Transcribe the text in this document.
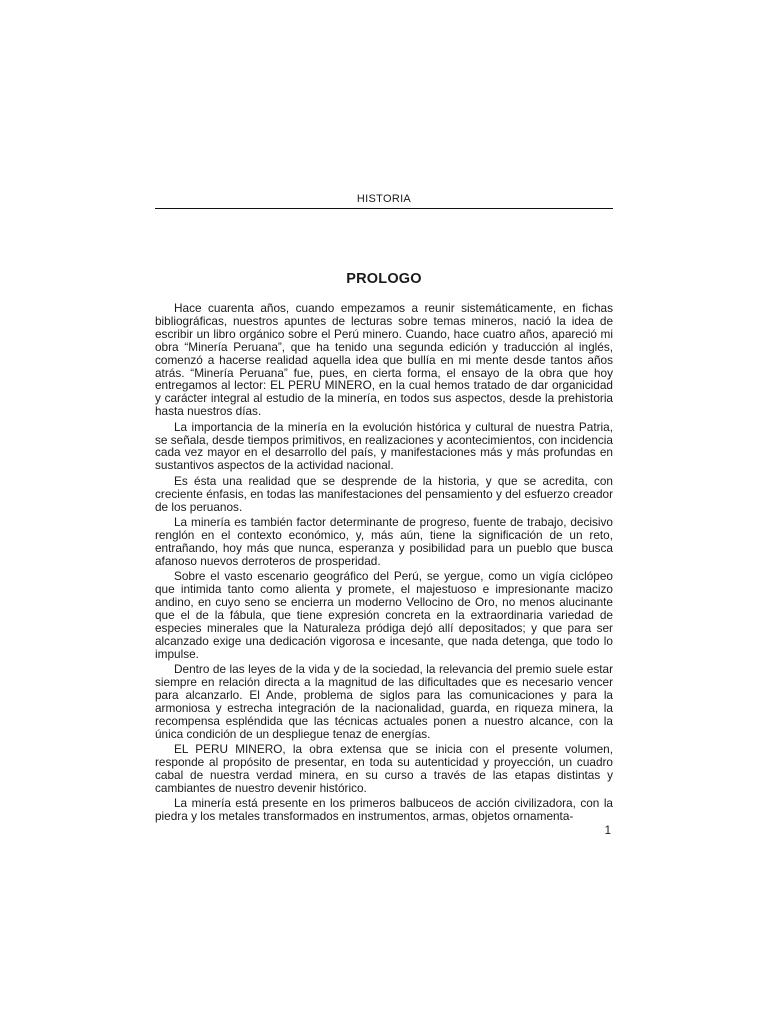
HISTORIA
PROLOGO

Hace cuarenta años, cuando empezamos a reunir sistemáticamente, en fichas bibliográficas, nuestros apuntes de lecturas sobre temas mineros, nació la idea de escribir un libro orgánico sobre el Perú minero. Cuando, hace cuatro años, apareció mi obra “Minería Peruana”, que ha tenido una segunda edición y traducción al inglés, comenzó a hacerse realidad aquella idea que bullía en mi mente desde tantos años atrás. “Minería Peruana” fue, pues, en cierta forma, el ensayo de la obra que hoy entregamos al lector: EL PERU MINERO, en la cual hemos tratado de dar organicidad y carácter integral al estudio de la minería, en todos sus aspectos, desde la prehistoria hasta nuestros días.

La importancia de la minería en la evolución histórica y cultural de nuestra Patria, se señala, desde tiempos primitivos, en realizaciones y acontecimientos, con incidencia cada vez mayor en el desarrollo del país, y manifestaciones más y más profundas en sustantivos aspectos de la actividad nacional.

Es ésta una realidad que se desprende de la historia, y que se acredita, con creciente énfasis, en todas las manifestaciones del pensamiento y del esfuerzo creador de los peruanos.

La minería es también factor determinante de progreso, fuente de trabajo, decisivo renglón en el contexto económico, y, más aún, tiene la significación de un reto, entrañando, hoy más que nunca, esperanza y posibilidad para un pueblo que busca afanoso nuevos derroteros de prosperidad.

Sobre el vasto escenario geográfico del Perú, se yergue, como un vigía ciclópeo que intimida tanto como alienta y promete, el majestuoso e impresionante macizo andino, en cuyo seno se encierra un moderno Vellocino de Oro, no menos alucinante que el de la fábula, que tiene expresión concreta en la extraordinaria variedad de especies minerales que la Naturaleza pródiga dejó allí depositados; y que para ser alcanzado exige una dedicación vigorosa e incesante, que nada detenga, que todo lo impulse.

Dentro de las leyes de la vida y de la sociedad, la relevancia del premio suele estar siempre en relación directa a la magnitud de las dificultades que es necesario vencer para alcanzarlo. El Ande, problema de siglos para las comunicaciones y para la armoniosa y estrecha integración de la nacionalidad, guarda, en riqueza minera, la recompensa espléndida que las técnicas actuales ponen a nuestro alcance, con la única condición de un despliegue tenaz de energías.

EL PERU MINERO, la obra extensa que se inicia con el presente volumen, responde al propósito de presentar, en toda su autenticidad y proyección, un cuadro cabal de nuestra verdad minera, en su curso a través de las etapas distintas y cambiantes de nuestro devenir histórico.

La minería está presente en los primeros balbuceos de acción civilizadora, con la piedra y los metales transformados en instrumentos, armas, objetos ornamenta-

1
